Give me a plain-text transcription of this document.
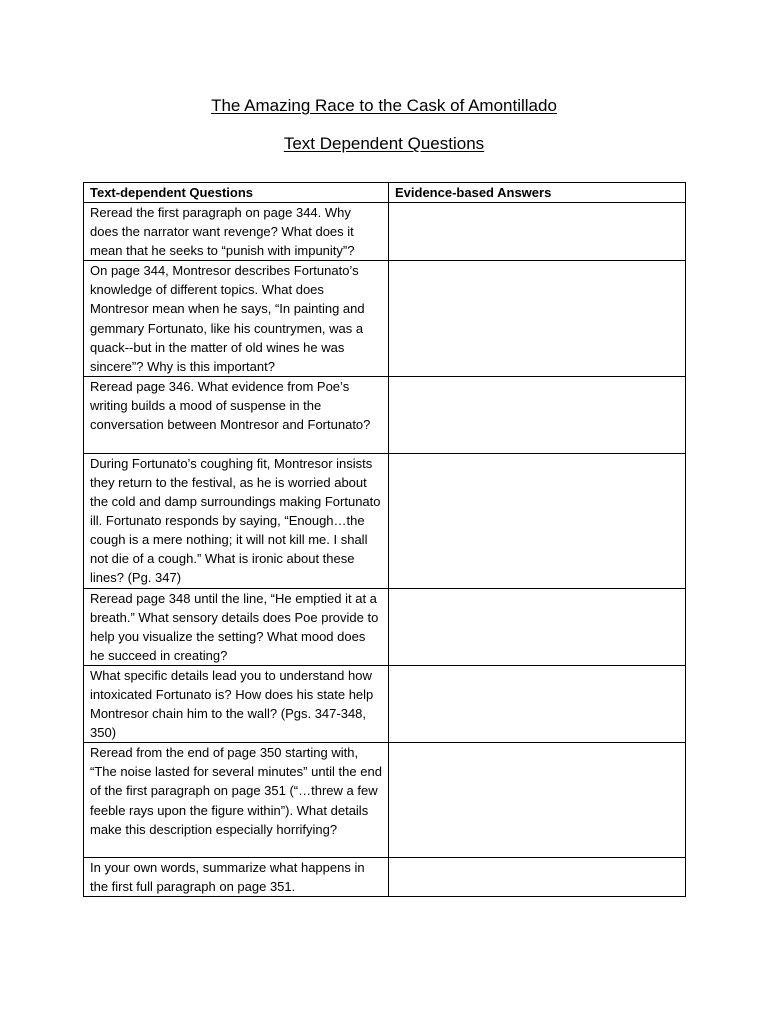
The Amazing Race to the Cask of Amontillado
Text Dependent Questions
Text-dependent Questions	Evidence-based Answers
Reread the first paragraph on page 344. Why does the narrator want revenge? What does it mean that he seeks to “punish with impunity”?	
On page 344, Montresor describes Fortunato’s knowledge of different topics. What does Montresor mean when he says, “In painting and gemmary Fortunato, like his countrymen, was a quack--but in the matter of old wines he was sincere”? Why is this important?	
Reread page 346. What evidence from Poe’s writing builds a mood of suspense in the conversation between Montresor and Fortunato?	
During Fortunato’s coughing fit, Montresor insists they return to the festival, as he is worried about the cold and damp surroundings making Fortunato ill. Fortunato responds by saying, “Enough…the cough is a mere nothing; it will not kill me. I shall not die of a cough.” What is ironic about these lines? (Pg. 347)	
Reread page 348 until the line, “He emptied it at a breath.” What sensory details does Poe provide to help you visualize the setting? What mood does he succeed in creating?	
What specific details lead you to understand how intoxicated Fortunato is? How does his state help Montresor chain him to the wall? (Pgs. 347-348, 350)	
Reread from the end of page 350 starting with, “The noise lasted for several minutes” until the end of the first paragraph on page 351 (“…threw a few feeble rays upon the figure within”). What details make this description especially horrifying?	
In your own words, summarize what happens in the first full paragraph on page 351.	
